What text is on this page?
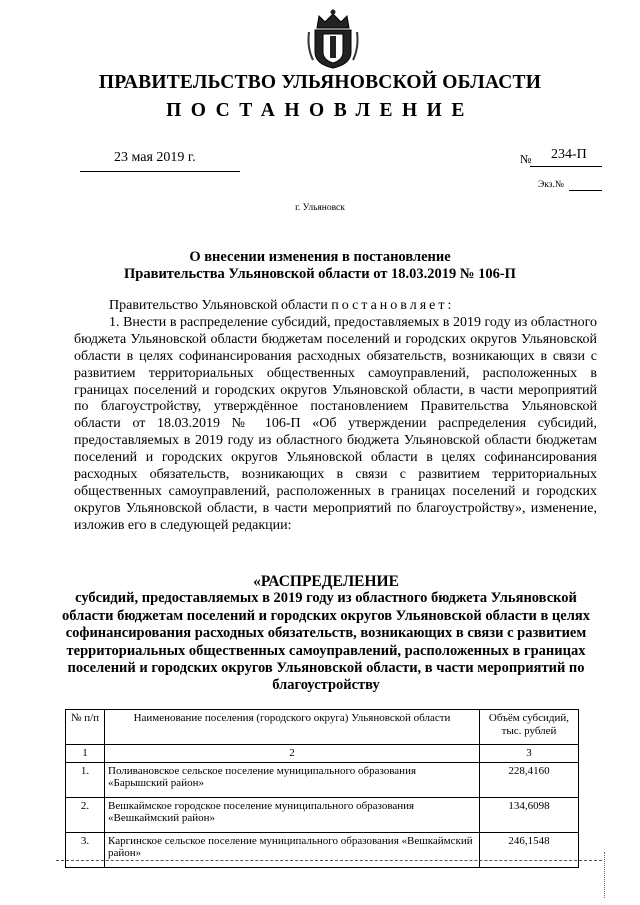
ПРАВИТЕЛЬСТВО УЛЬЯНОВСКОЙ ОБЛАСТИ
ПОСТАНОВЛЕНИЕ
23 мая 2019 г.	№ 234-П
Экз.№
г. Ульяновск
О внесении изменения в постановление
Правительства Ульяновской области от 18.03.2019 № 106-П

Правительство Ульяновской области постановляет:

1. Внести в распределение субсидий, предоставляемых в 2019 году из областного бюджета Ульяновской области бюджетам поселений и городских округов Ульяновской области в целях софинансирования расходных обязательств, возникающих в связи с развитием территориальных общественных самоуправлений, расположенных в границах поселений и городских округов Ульяновской области, в части мероприятий по благоустройству, утверждённое постановлением Правительства Ульяновской области от 18.03.2019 № 106-П «Об утверждении распределения субсидий, предоставляемых в 2019 году из областного бюджета Ульяновской области бюджетам поселений и городских округов Ульяновской области в целях софинансирования расходных обязательств, возникающих в связи с развитием территориальных общественных самоуправлений, расположенных в границах поселений и городских округов Ульяновской области, в части мероприятий по благоустройству», изменение, изложив его в следующей редакции:

«РАСПРЕДЕЛЕНИЕ
субсидий, предоставляемых в 2019 году из областного бюджета Ульяновской области бюджетам поселений и городских округов Ульяновской области в целях софинансирования расходных обязательств, возникающих в связи с развитием территориальных общественных самоуправлений, расположенных в границах поселений и городских округов Ульяновской области, в части мероприятий по благоустройству
№ п/п	Наименование поселения (городского округа) Ульяновской области	Объём субсидий, тыс. рублей
1	2	3
1.	Поливановское сельское поселение муниципального образования «Барышский район»	228,4160
2.	Вешкаймское городское поселение муниципального образования «Вешкаймский район»	134,6098
3.	Каргинское сельское поселение муниципального образования «Вешкаймский район»	246,1548
